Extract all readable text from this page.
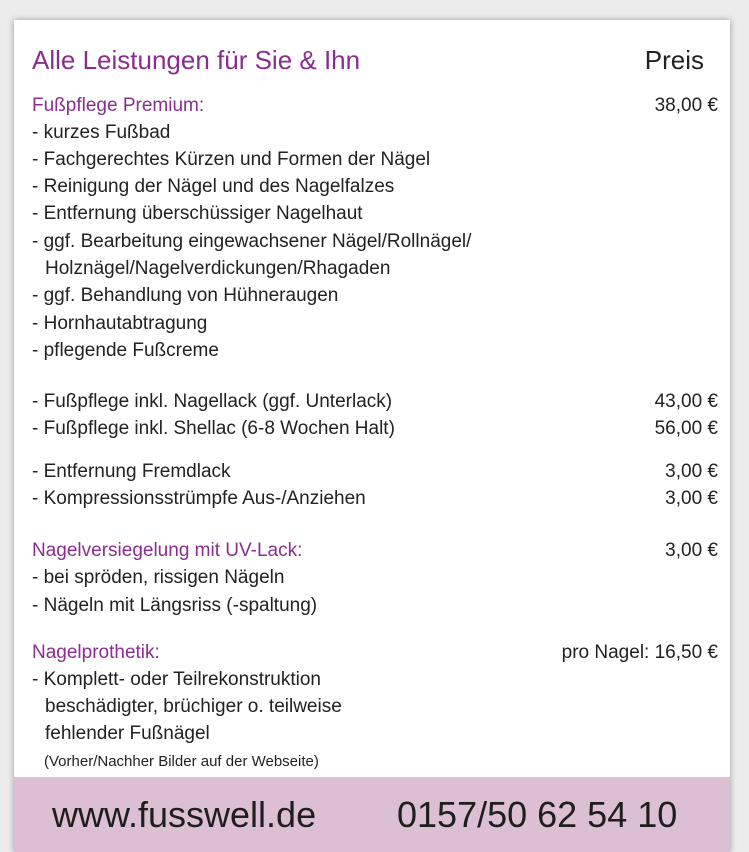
Alle Leistungen für Sie & Ihn	Preis
Fußpflege Premium:	38,00 €
- kurzes Fußbad
- Fachgerechtes Kürzen und Formen der Nägel
- Reinigung der Nägel und des Nagelfalzes
- Entfernung überschüssiger Nagelhaut
- ggf. Bearbeitung eingewachsener Nägel/Rollnägel/
Holznägel/Nagelverdickungen/Rhagaden
- ggf. Behandlung von Hühneraugen
- Hornhautabtragung
- pflegende Fußcreme
- Fußpflege inkl. Nagellack (ggf. Unterlack)	43,00 €
- Fußpflege inkl. Shellac (6-8 Wochen Halt)	56,00 €
- Entfernung Fremdlack	3,00 €
- Kompressionsstrümpfe Aus-/Anziehen	3,00 €
Nagelversiegelung mit UV-Lack:	3,00 €
- bei spröden, rissigen Nägeln
- Nägeln mit Längsriss (-spaltung)
Nagelprothetik:	pro Nagel: 16,50 €
- Komplett- oder Teilrekonstruktion
beschädigter, brüchiger o. teilweise
fehlender Fußnägel
(Vorher/Nachher Bilder auf der Webseite)
www.fusswell.de 0157/50 62 54 10
